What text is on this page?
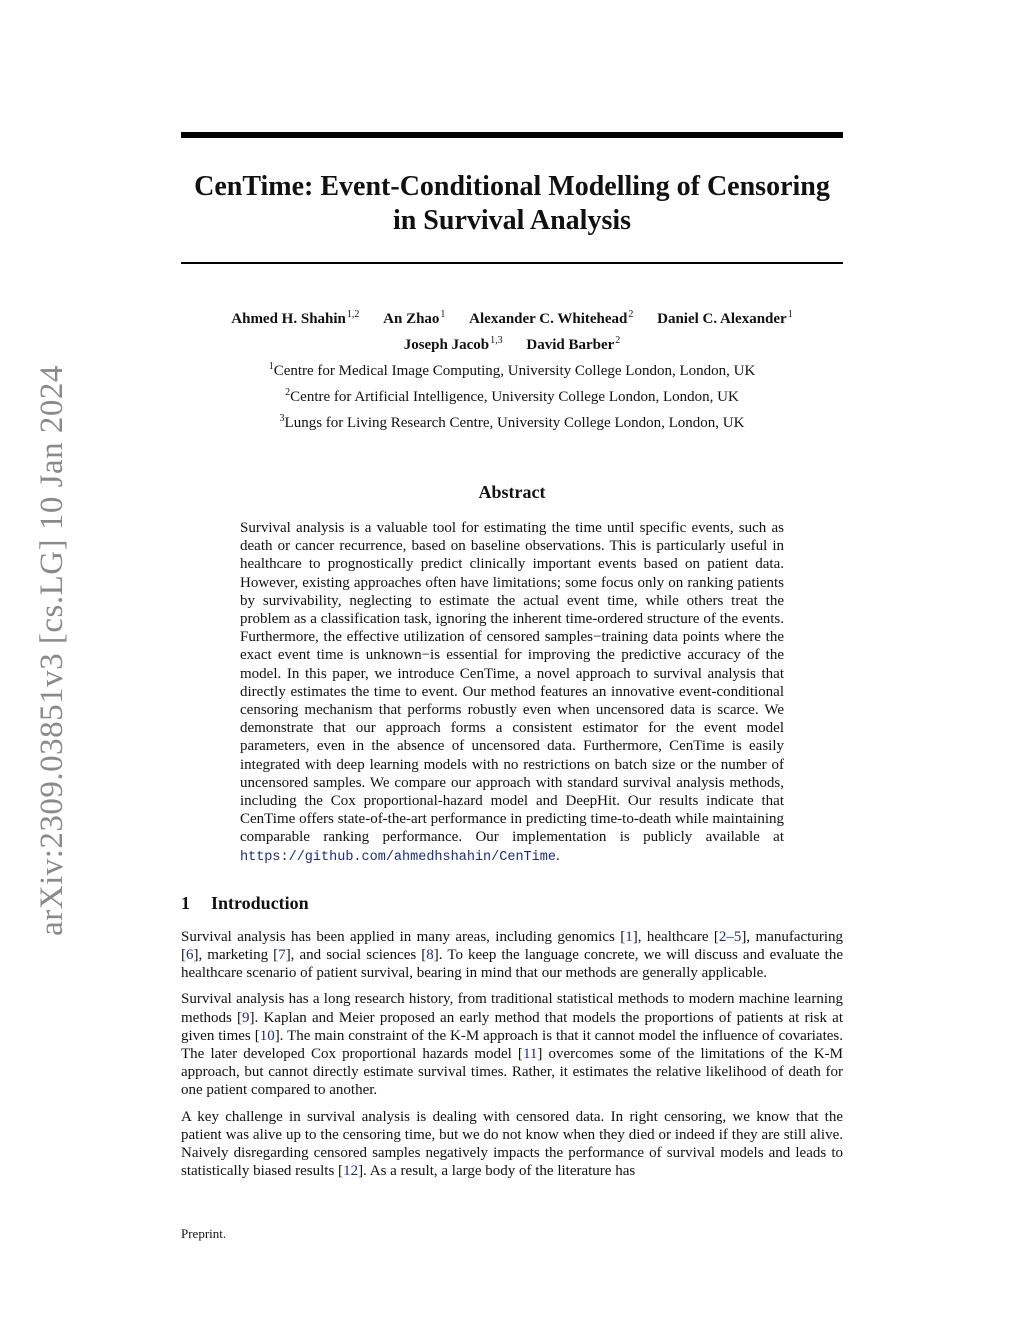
arXiv:2309.03851v3 [cs.LG] 10 Jan 2024
CenTime: Event-Conditional Modelling of Censoring
in Survival Analysis
Ahmed H. Shahin$^{1,2}$ An Zhao$^1$ Alexander C. Whitehead$^2$ Daniel C. Alexander$^1$
Joseph Jacob$^{1,3}$ David Barber$^2$
$^1$Centre for Medical Image Computing, University College London, London, UK
$^2$Centre for Artificial Intelligence, University College London, London, UK
$^3$Lungs for Living Research Centre, University College London, London, UK
Abstract

Survival analysis is a valuable tool for estimating the time until specific events, such as death or cancer recurrence, based on baseline observations. This is particularly useful in healthcare to prognostically predict clinically important events based on patient data. However, existing approaches often have limitations; some focus only on ranking patients by survivability, neglecting to estimate the actual event time, while others treat the problem as a classification task, ignoring the inherent time-ordered structure of the events. Furthermore, the effective utilization of censored samples−training data points where the exact event time is unknown−is essential for improving the predictive accuracy of the model. In this paper, we introduce CenTime, a novel approach to survival analysis that directly estimates the time to event. Our method features an innovative event-conditional censoring mechanism that performs robustly even when uncensored data is scarce. We demonstrate that our approach forms a consistent estimator for the event model parameters, even in the absence of uncensored data. Furthermore, CenTime is easily integrated with deep learning models with no restrictions on batch size or the number of uncensored samples. We compare our approach with standard survival analysis methods, including the Cox proportional-hazard model and DeepHit. Our results indicate that CenTime offers state-of-the-art performance in predicting time-to-death while maintaining comparable ranking performance. Our implementation is publicly available at https://github.com/ahmedhshahin/CenTime.

1 Introduction

Survival analysis has been applied in many areas, including genomics [1], healthcare [2–5], manufacturing [6], marketing [7], and social sciences [8]. To keep the language concrete, we will discuss and evaluate the healthcare scenario of patient survival, bearing in mind that our methods are generally applicable.

Survival analysis has a long research history, from traditional statistical methods to modern machine learning methods [9]. Kaplan and Meier proposed an early method that models the proportions of patients at risk at given times [10]. The main constraint of the K-M approach is that it cannot model the influence of covariates. The later developed Cox proportional hazards model [11] overcomes some of the limitations of the K-M approach, but cannot directly estimate survival times. Rather, it estimates the relative likelihood of death for one patient compared to another.

A key challenge in survival analysis is dealing with censored data. In right censoring, we know that the patient was alive up to the censoring time, but we do not know when they died or indeed if they are still alive. Naively disregarding censored samples negatively impacts the performance of survival models and leads to statistically biased results [12]. As a result, a large body of the literature has

Preprint.
